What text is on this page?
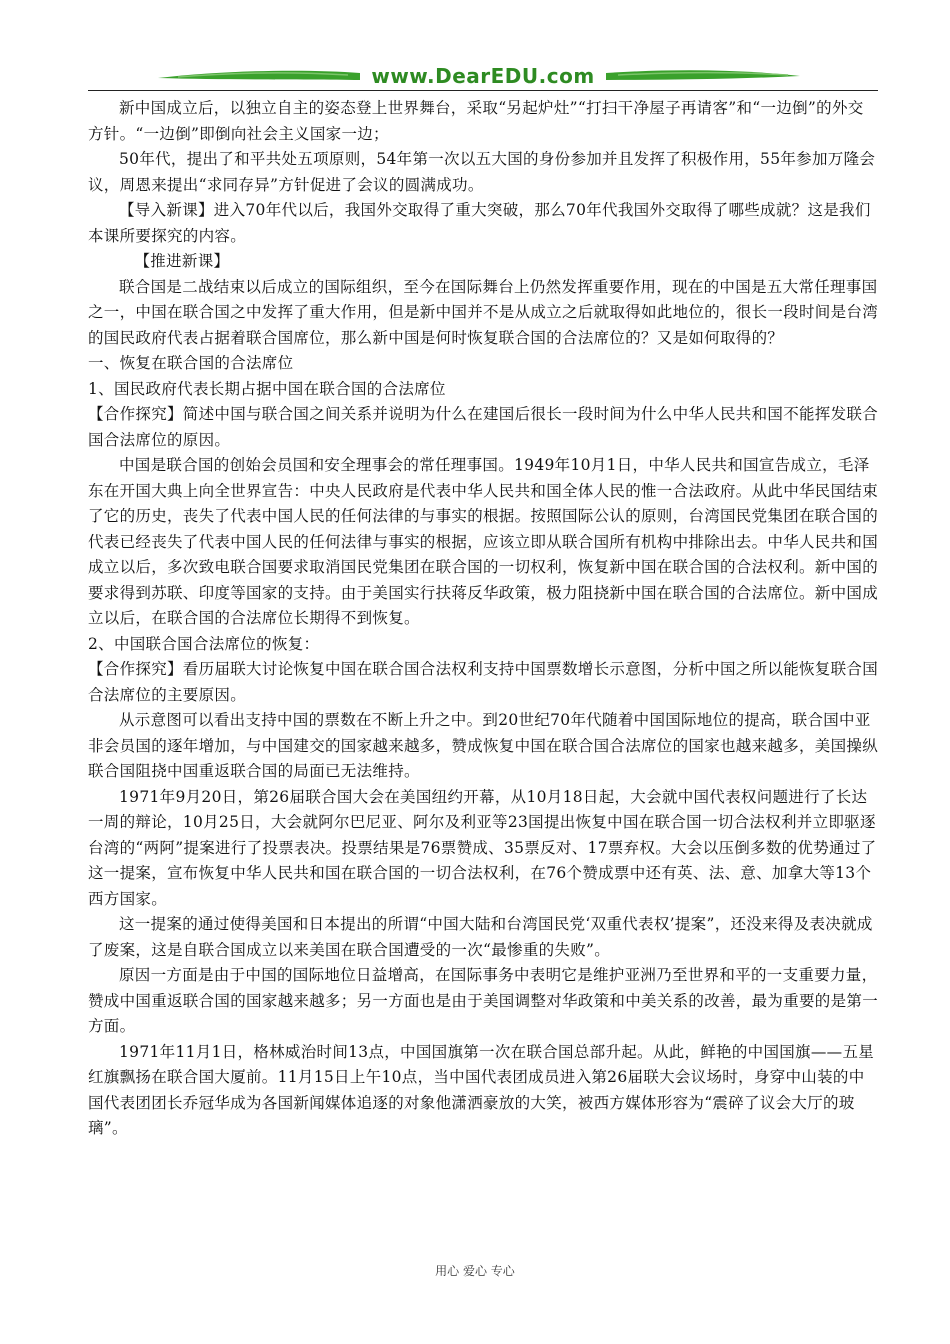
www.DearEDU.com

新中国成立后，以独立自主的姿态登上世界舞台，采取“另起炉灶”“打扫干净屋子再请客”和“一边倒”的外交方针。“一边倒”即倒向社会主义国家一边；

50年代，提出了和平共处五项原则，54年第一次以五大国的身份参加并且发挥了积极作用，55年参加万隆会议，周恩来提出“求同存异”方针促进了会议的圆满成功。

【导入新课】进入70年代以后，我国外交取得了重大突破，那么70年代我国外交取得了哪些成就？这是我们本课所要探究的内容。

【推进新课】

联合国是二战结束以后成立的国际组织，至今在国际舞台上仍然发挥重要作用，现在的中国是五大常任理事国之一，中国在联合国之中发挥了重大作用，但是新中国并不是从成立之后就取得如此地位的，很长一段时间是台湾的国民政府代表占据着联合国席位，那么新中国是何时恢复联合国的合法席位的？又是如何取得的？

一、恢复在联合国的合法席位

1、国民政府代表长期占据中国在联合国的合法席位

【合作探究】简述中国与联合国之间关系并说明为什么在建国后很长一段时间为什么中华人民共和国不能挥发联合国合法席位的原因。

中国是联合国的创始会员国和安全理事会的常任理事国。1949年10月1日，中华人民共和国宣告成立，毛泽东在开国大典上向全世界宣告：中央人民政府是代表中华人民共和国全体人民的惟一合法政府。从此中华民国结束了它的历史，丧失了代表中国人民的任何法律的与事实的根据。按照国际公认的原则，台湾国民党集团在联合国的代表已经丧失了代表中国人民的任何法律与事实的根据，应该立即从联合国所有机构中排除出去。中华人民共和国成立以后，多次致电联合国要求取消国民党集团在联合国的一切权利，恢复新中国在联合国的合法权利。新中国的要求得到苏联、印度等国家的支持。由于美国实行扶蒋反华政策，极力阻挠新中国在联合国的合法席位。新中国成立以后，在联合国的合法席位长期得不到恢复。

2、中国联合国合法席位的恢复：

【合作探究】看历届联大讨论恢复中国在联合国合法权利支持中国票数增长示意图，分析中国之所以能恢复联合国合法席位的主要原因。

从示意图可以看出支持中国的票数在不断上升之中。到20世纪70年代随着中国国际地位的提高，联合国中亚非会员国的逐年增加，与中国建交的国家越来越多，赞成恢复中国在联合国合法席位的国家也越来越多，美国操纵联合国阻挠中国重返联合国的局面已无法维持。

1971年9月20日，第26届联合国大会在美国纽约开幕，从10月18日起，大会就中国代表权问题进行了长达一周的辩论，10月25日，大会就阿尔巴尼亚、阿尔及利亚等23国提出恢复中国在联合国一切合法权利并立即驱逐台湾的“两阿”提案进行了投票表决。投票结果是76票赞成、35票反对、17票弃权。大会以压倒多数的优势通过了这一提案，宣布恢复中华人民共和国在联合国的一切合法权利，在76个赞成票中还有英、法、意、加拿大等13个西方国家。

这一提案的通过使得美国和日本提出的所谓“中国大陆和台湾国民党‘双重代表权’提案”，还没来得及表决就成了废案，这是自联合国成立以来美国在联合国遭受的一次“最惨重的失败”。

原因一方面是由于中国的国际地位日益增高，在国际事务中表明它是维护亚洲乃至世界和平的一支重要力量，赞成中国重返联合国的国家越来越多；另一方面也是由于美国调整对华政策和中美关系的改善，最为重要的是第一方面。

1971年11月1日，格林威治时间13点，中国国旗第一次在联合国总部升起。从此，鲜艳的中国国旗——五星红旗飘扬在联合国大厦前。11月15日上午10点，当中国代表团成员进入第26届联大会议场时，身穿中山装的中国代表团团长乔冠华成为各国新闻媒体追逐的对象他潇洒豪放的大笑，被西方媒体形容为“震碎了议会大厅的玻璃”。

用心 爱心 专心
